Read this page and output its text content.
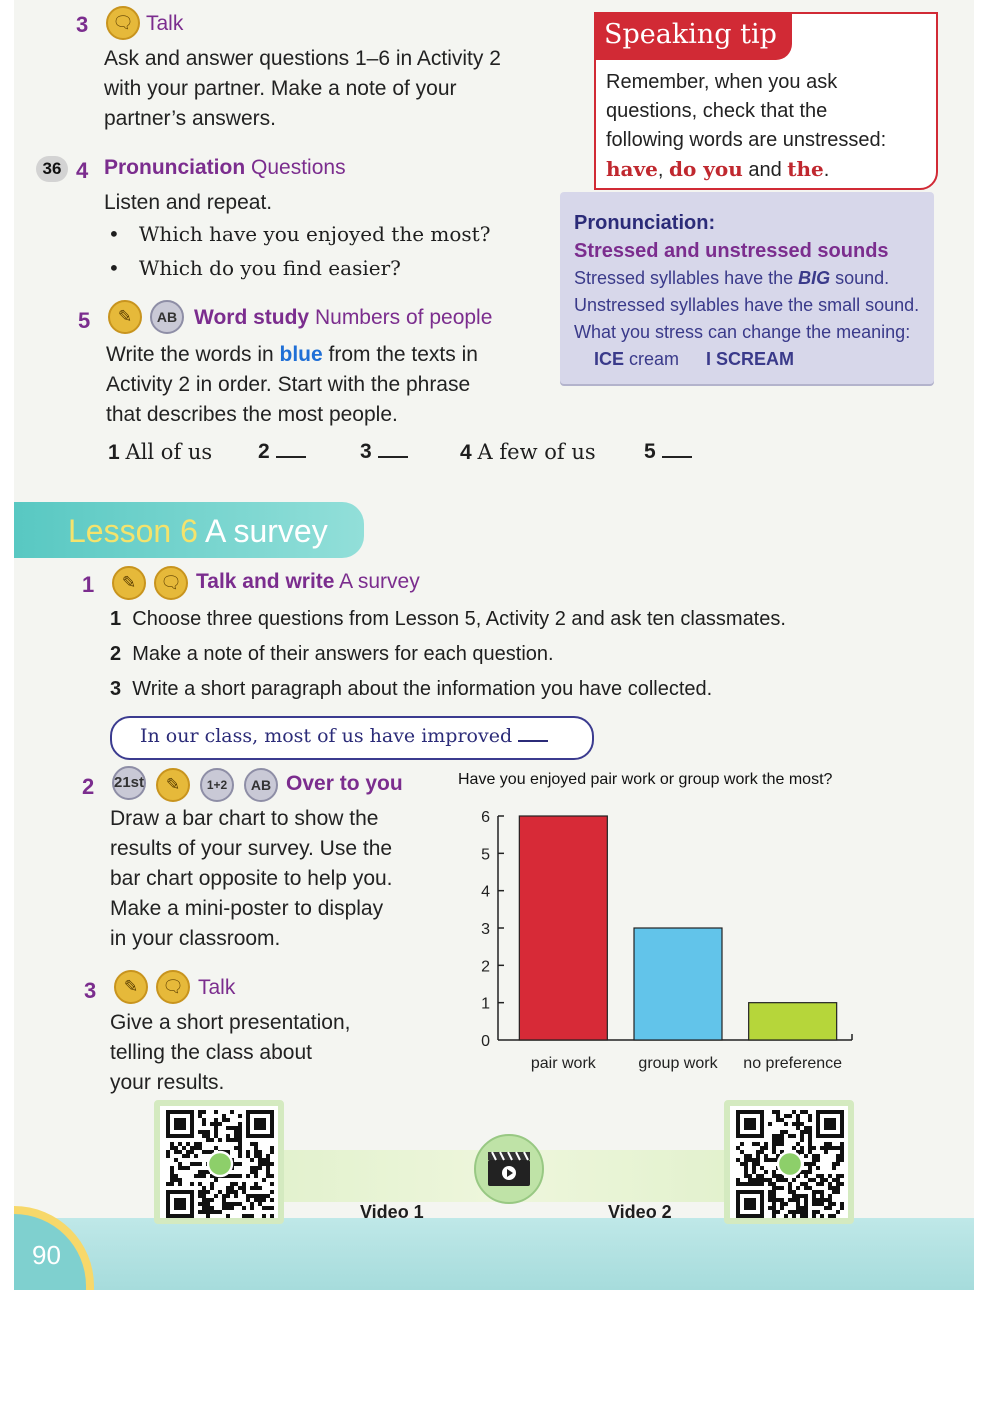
3	🗨 Talk
Ask and answer questions 1–6 in Activity 2
with your partner. Make a note of your
partner’s answers.
36 4 Pronunciation Questions
Listen and repeat.
•   Which have you enjoyed the most?
•   Which do you find easier?
5	✎	AB Word study Numbers of people
Write the words in blue from the texts in
Activity 2 in order. Start with the phrase
that describes the most people.
1 All of us 2	3	4 A few of us 5
Speaking tip
Remember, when you ask
questions, check that the
following words are unstressed:
have, do you and the.
Pronunciation:
Stressed and unstressed sounds
Stressed syllables have the BIG sound.
Unstressed syllables have the small sound.
What you stress can change the meaning:
ICE cream I SCREAM
Lesson 6 A survey
1	✎	🗨 Talk and write A survey
1 Choose three questions from Lesson 5, Activity 2 and ask ten classmates.
2 Make a note of their answers for each question.
3 Write a short paragraph about the information you have collected.
In our class, most of us have improved
2 21st	✎	1+2	AB Over to you
Draw a bar chart to show the
results of your survey. Use the
bar chart opposite to help you.
Make a mini-poster to display
in your classroom.
3	✎	🗨 Talk
Give a short presentation,
telling the class about
your results.
Have you enjoyed pair work or group work the most?
0
1
2
3
4
5
6
pair work	group work no preference
90
Video 1	Video 2
